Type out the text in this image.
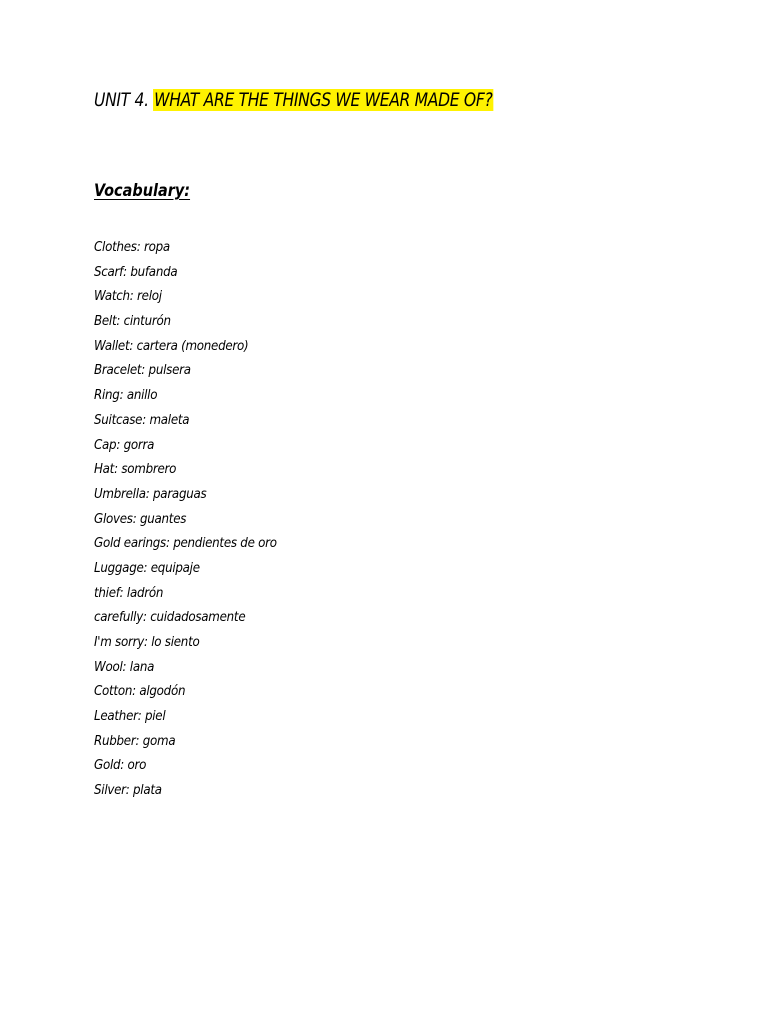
UNIT 4. WHAT ARE THE THINGS WE WEAR MADE OF?
Vocabulary:
Clothes: ropa
Scarf: bufanda
Watch: reloj
Belt: cinturón
Wallet: cartera (monedero)
Bracelet: pulsera
Ring: anillo
Suitcase: maleta
Cap: gorra
Hat: sombrero
Umbrella: paraguas
Gloves: guantes
Gold earings: pendientes de oro
Luggage: equipaje
thief: ladrón
carefully: cuidadosamente
I'm sorry: lo siento
Wool: lana
Cotton: algodón
Leather: piel
Rubber: goma
Gold: oro
Silver: plata
